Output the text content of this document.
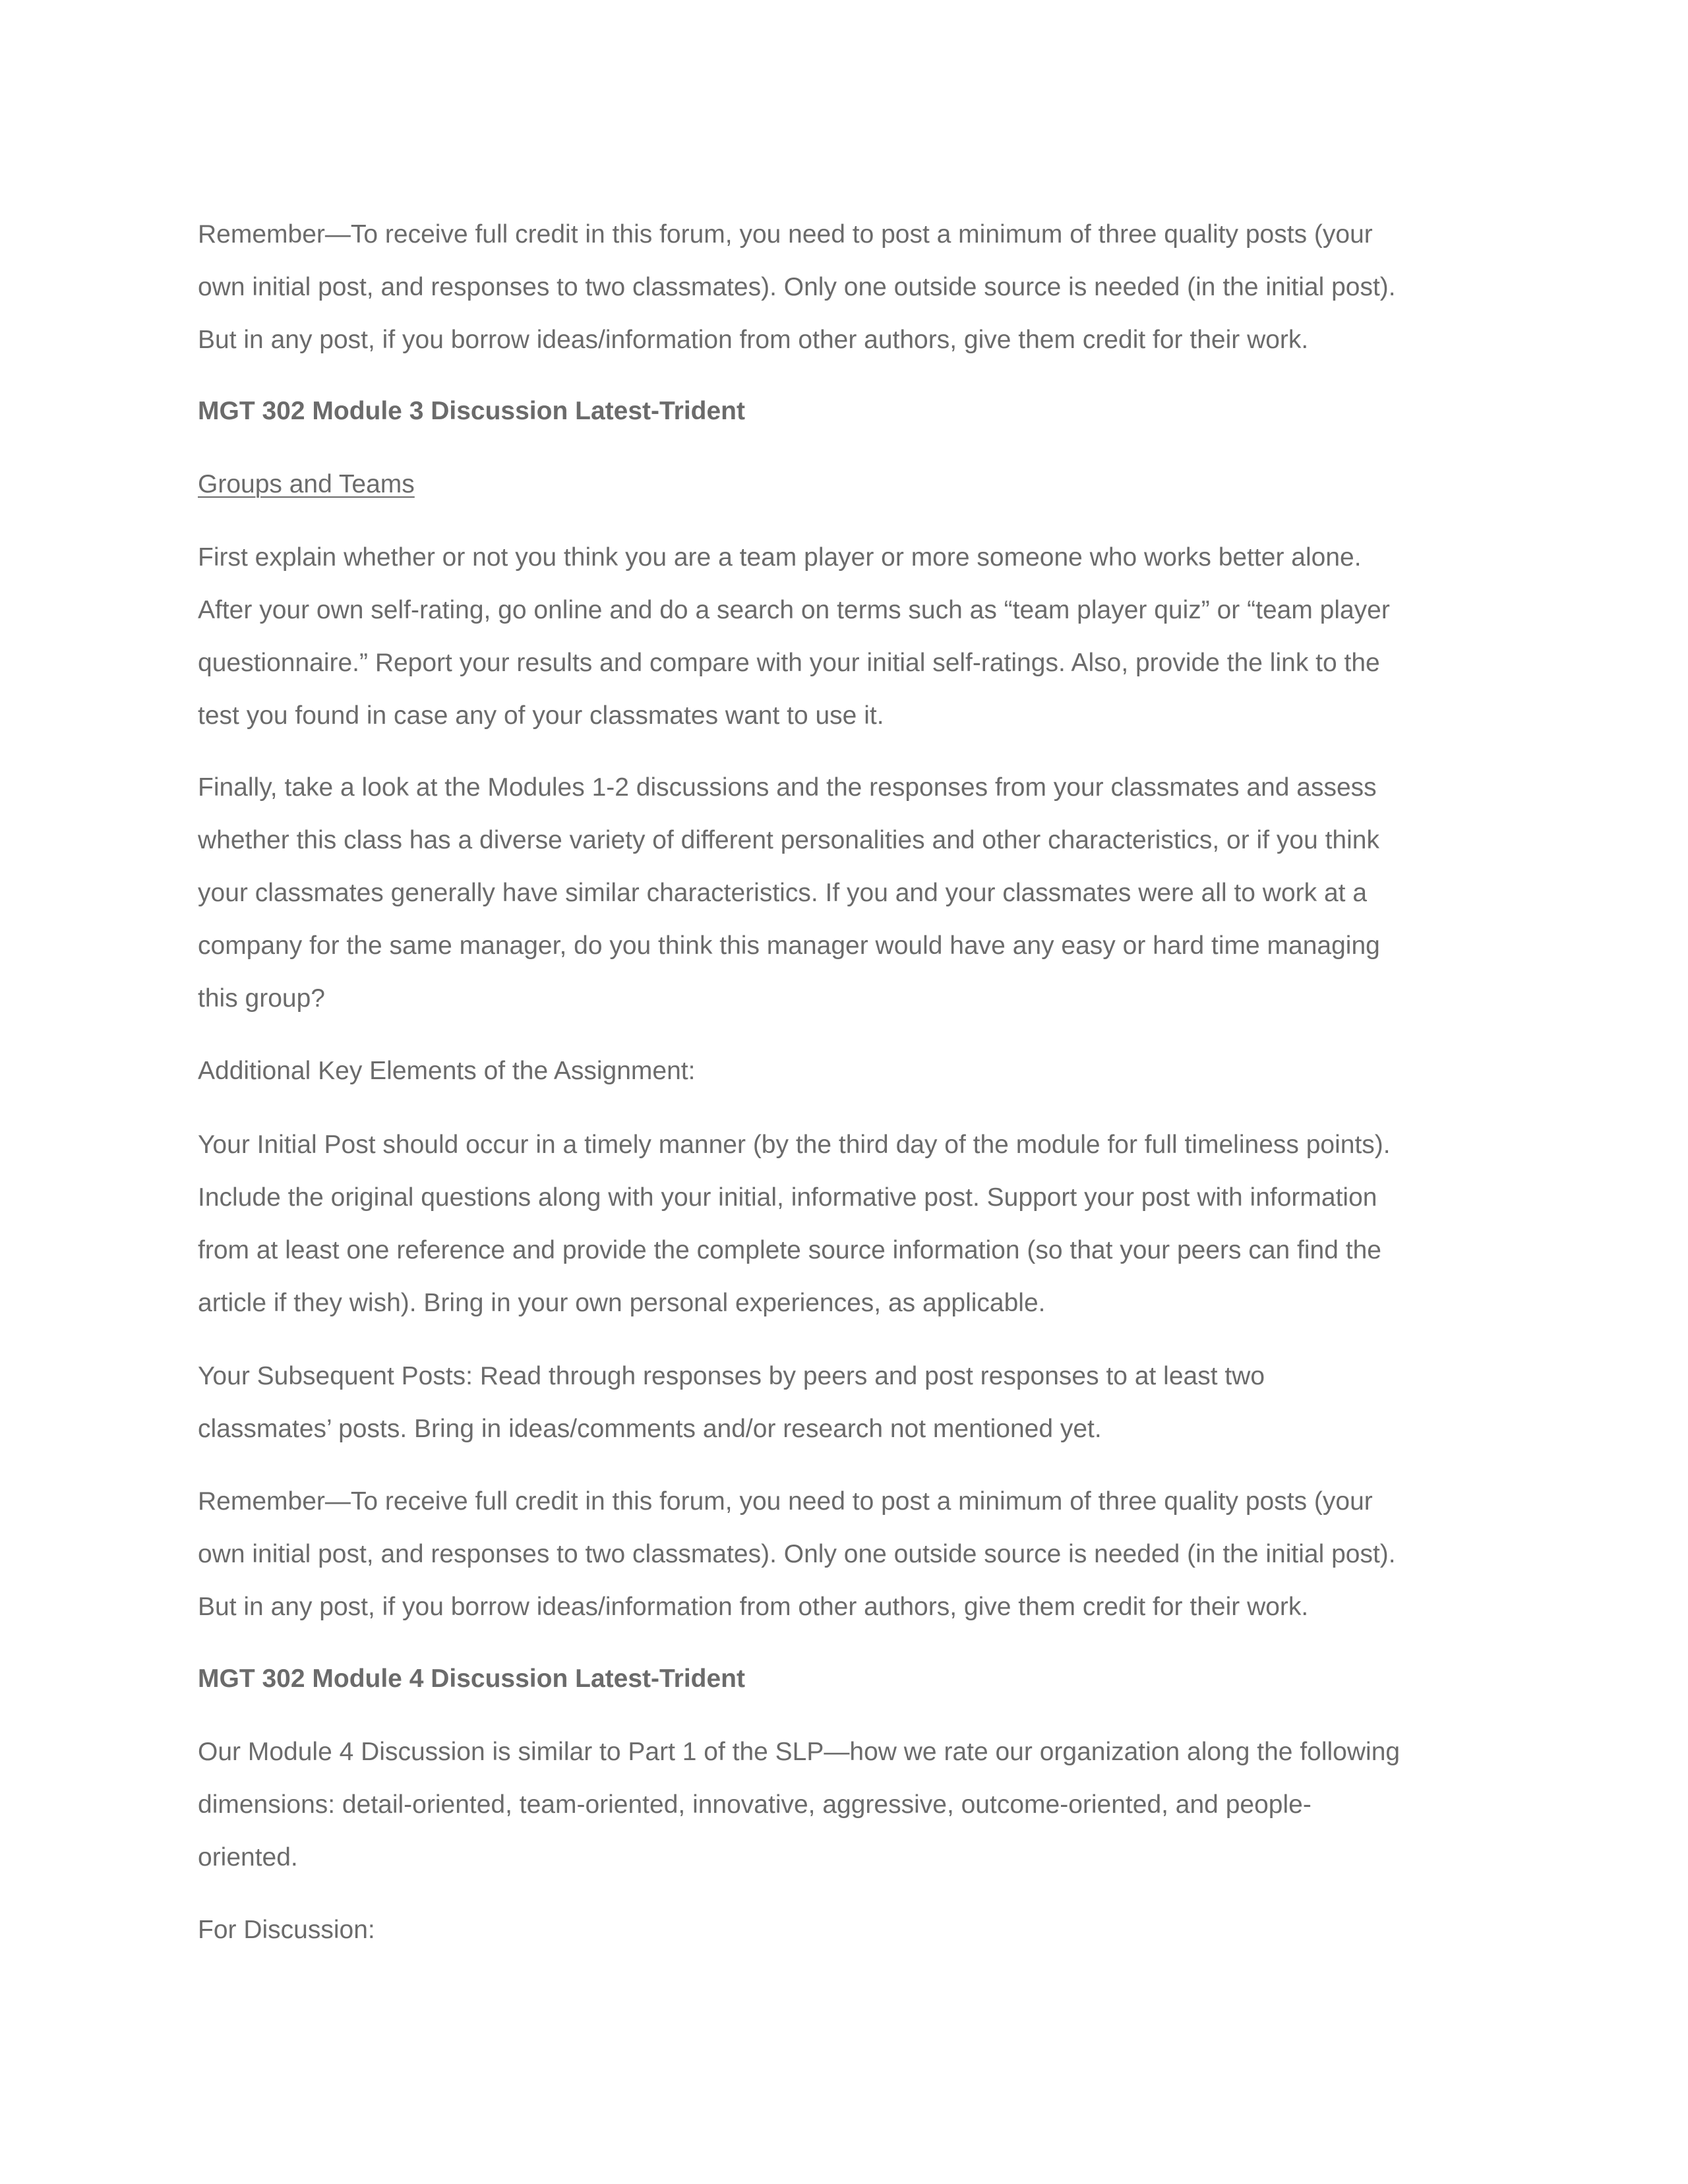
Remember—To receive full credit in this forum, you need to post a minimum of three quality posts (your
own initial post, and responses to two classmates). Only one outside source is needed (in the initial post).
But in any post, if you borrow ideas/information from other authors, give them credit for their work.
MGT 302 Module 3 Discussion Latest-Trident
Groups and Teams
First explain whether or not you think you are a team player or more someone who works better alone.
After your own self-rating, go online and do a search on terms such as “team player quiz” or “team player
questionnaire.” Report your results and compare with your initial self-ratings. Also, provide the link to the
test you found in case any of your classmates want to use it.
Finally, take a look at the Modules 1-2 discussions and the responses from your classmates and assess
whether this class has a diverse variety of different personalities and other characteristics, or if you think
your classmates generally have similar characteristics. If you and your classmates were all to work at a
company for the same manager, do you think this manager would have any easy or hard time managing
this group?
Additional Key Elements of the Assignment:
Your Initial Post should occur in a timely manner (by the third day of the module for full timeliness points).
Include the original questions along with your initial, informative post. Support your post with information
from at least one reference and provide the complete source information (so that your peers can find the
article if they wish). Bring in your own personal experiences, as applicable.
Your Subsequent Posts: Read through responses by peers and post responses to at least two
classmates’ posts. Bring in ideas/comments and/or research not mentioned yet.
Remember—To receive full credit in this forum, you need to post a minimum of three quality posts (your
own initial post, and responses to two classmates). Only one outside source is needed (in the initial post).
But in any post, if you borrow ideas/information from other authors, give them credit for their work.
MGT 302 Module 4 Discussion Latest-Trident
Our Module 4 Discussion is similar to Part 1 of the SLP—how we rate our organization along the following
dimensions: detail-oriented, team-oriented, innovative, aggressive, outcome-oriented, and people-
oriented.
For Discussion:
